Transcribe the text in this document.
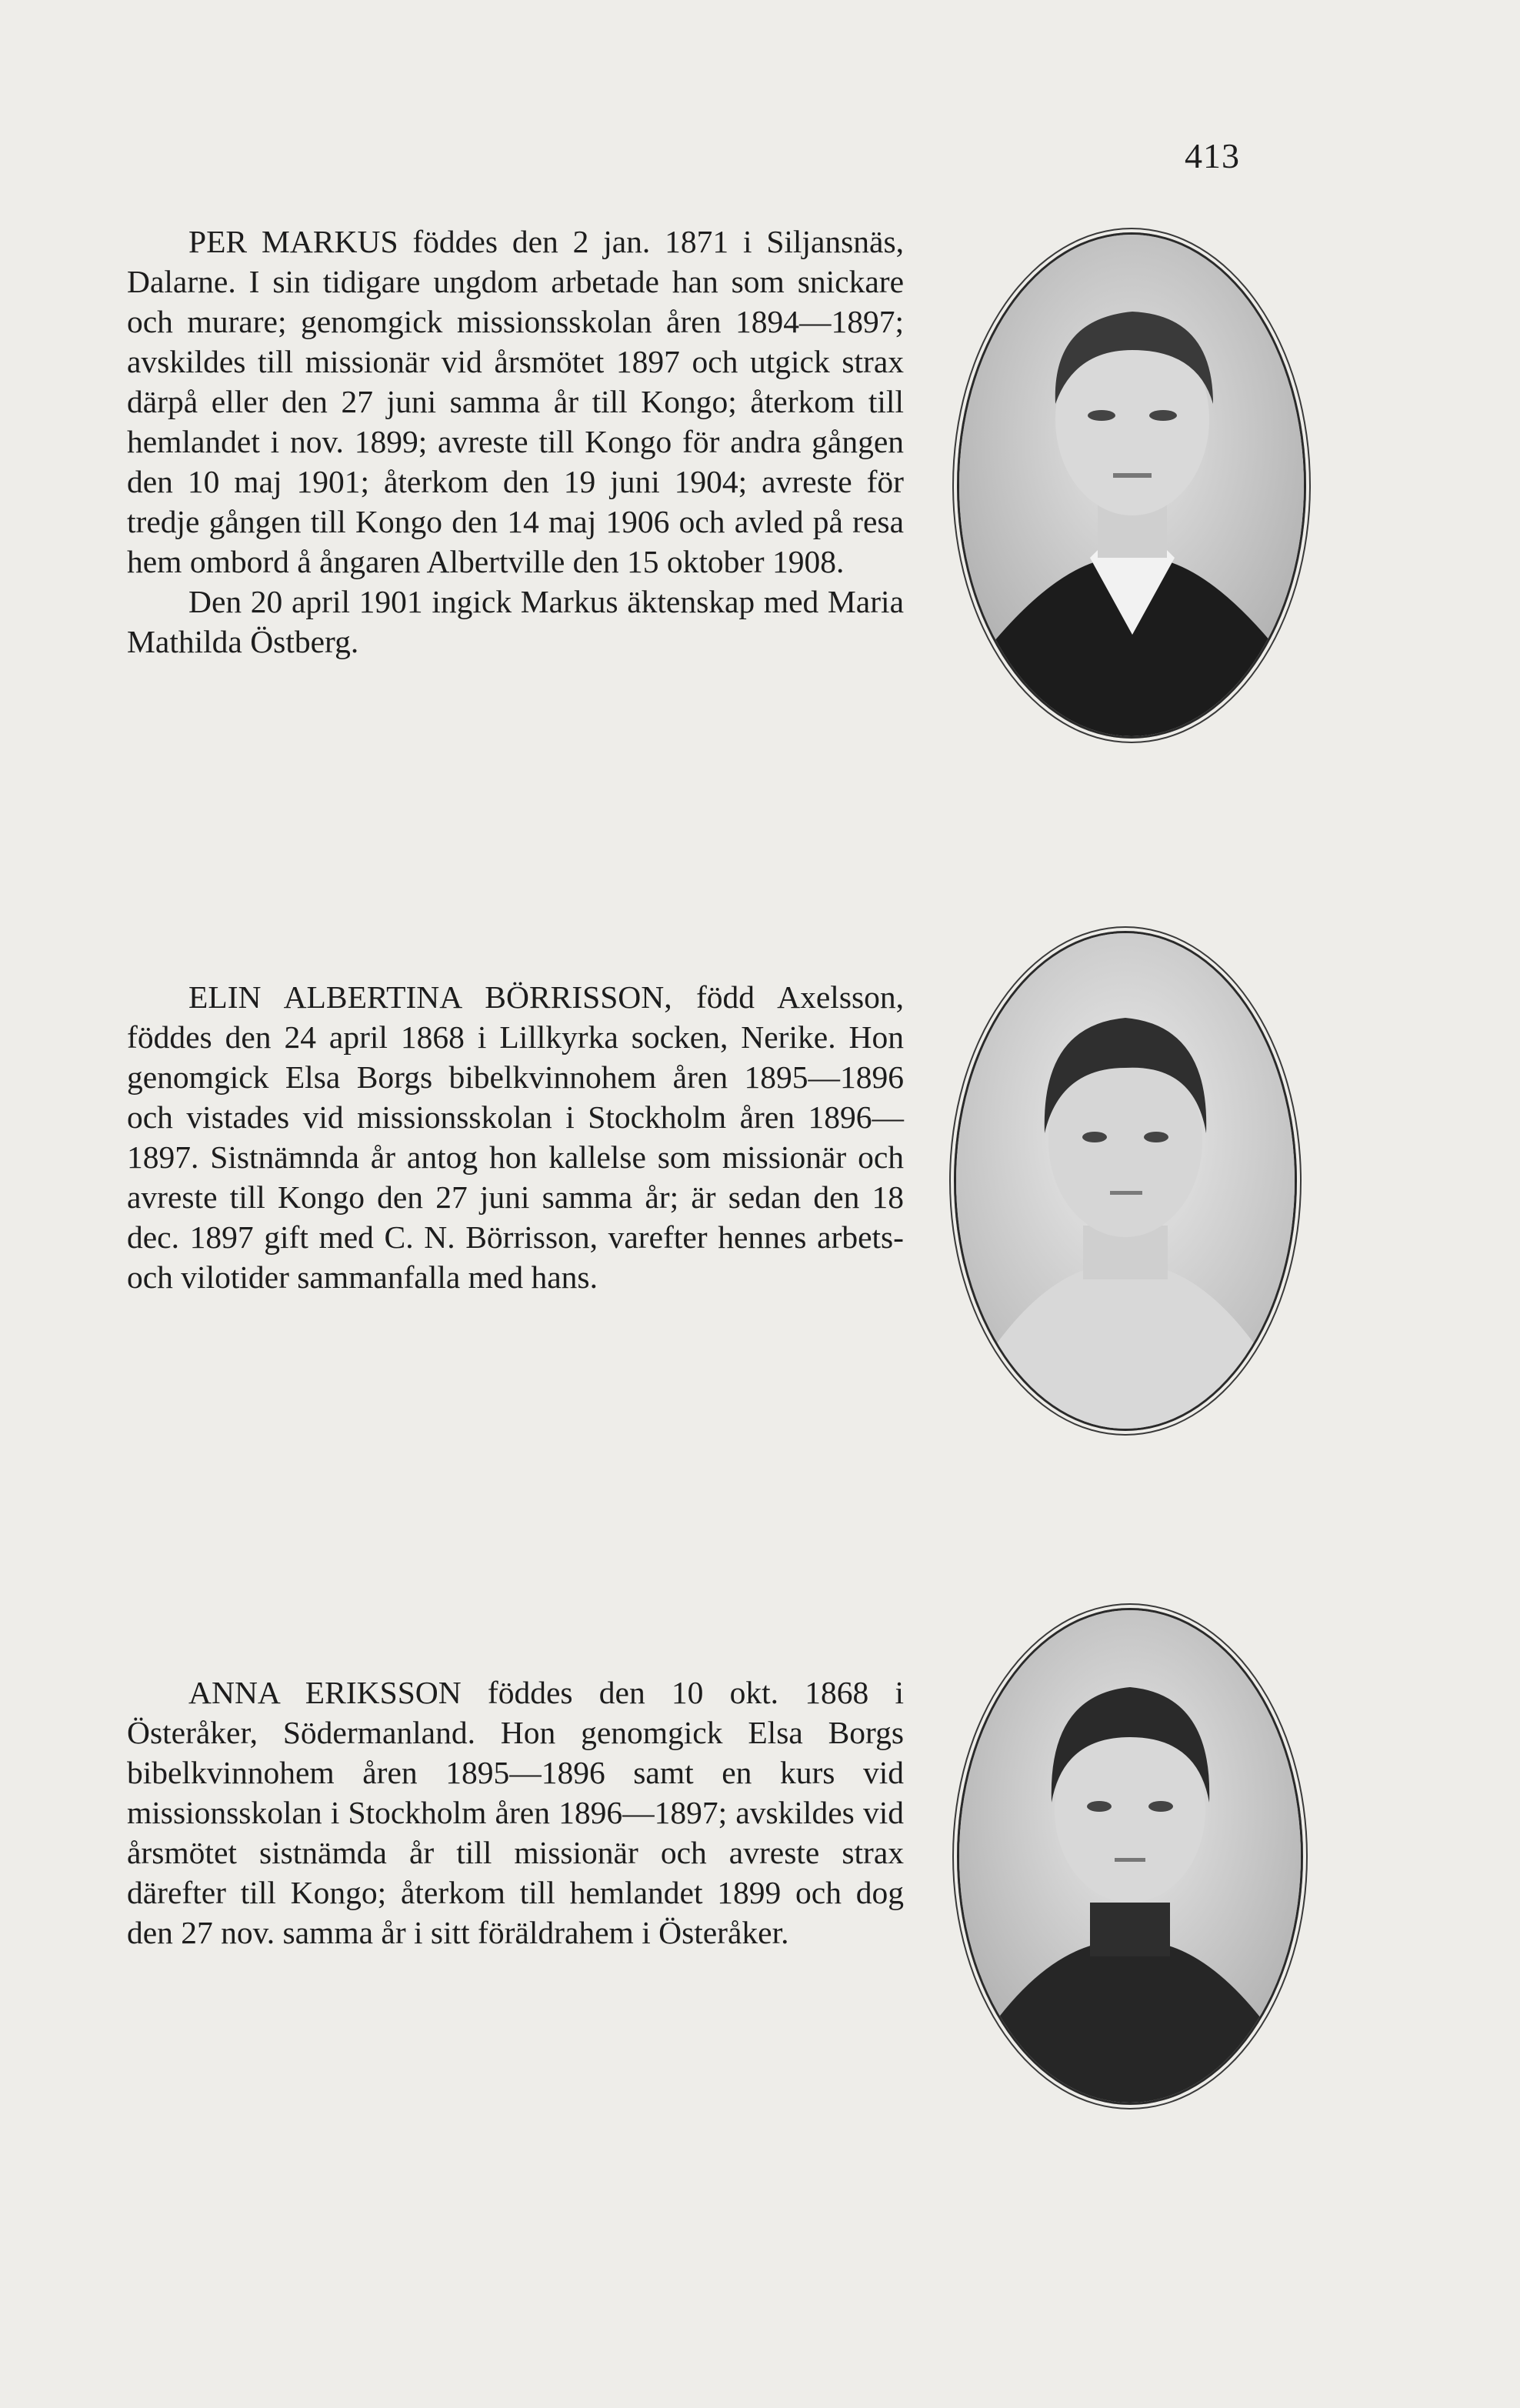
413

PER MARKUS föddes den 2 jan. 1871 i Siljansnäs, Dalarne. I sin tidigare ungdom arbetade han som snickare och murare; genomgick missionsskolan åren 1894—1897; avskildes till missionär vid årsmötet 1897 och utgick strax därpå eller den 27 juni samma år till Kongo; återkom till hemlandet i nov. 1899; avreste till Kongo för andra gången den 10 maj 1901; återkom den 19 juni 1904; avreste för tredje gången till Kongo den 14 maj 1906 och avled på resa hem ombord å ångaren Albertville den 15 oktober 1908.

Den 20 april 1901 ingick Markus äktenskap med Maria Mathilda Östberg.

ELIN ALBERTINA BÖRRISSON, född Axelsson, föddes den 24 april 1868 i Lillkyrka socken, Nerike. Hon genomgick Elsa Borgs bibelkvinnohem åren 1895—1896 och vistades vid missionsskolan i Stockholm åren 1896—1897. Sistnämnda år antog hon kallelse som missionär och avreste till Kongo den 27 juni samma år; är sedan den 18 dec. 1897 gift med C. N. Börrisson, varefter hennes arbets- och vilotider sammanfalla med hans.

ANNA ERIKSSON föddes den 10 okt. 1868 i Österåker, Södermanland. Hon genomgick Elsa Borgs bibelkvinnohem åren 1895—1896 samt en kurs vid missionsskolan i Stockholm åren 1896—1897; avskildes vid årsmötet sistnämda år till missionär och avreste strax därefter till Kongo; återkom till hemlandet 1899 och dog den 27 nov. samma år i sitt föräldrahem i Österåker.
